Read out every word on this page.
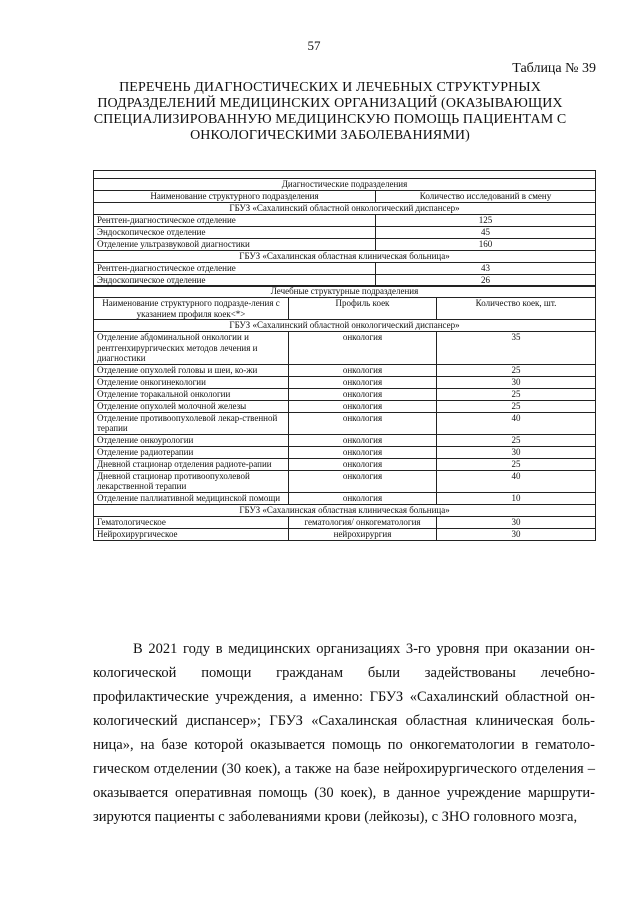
57
Таблица № 39
ПЕРЕЧЕНЬ ДИАГНОСТИЧЕСКИХ И ЛЕЧЕБНЫХ СТРУКТУРНЫХ ПОДРАЗДЕЛЕНИЙ МЕДИЦИНСКИХ ОРГАНИЗАЦИЙ (ОКАЗЫВАЮЩИХ СПЕЦИАЛИЗИРОВАННУЮ МЕДИЦИНСКУЮ ПОМОЩЬ ПАЦИЕНТАМ С ОНКОЛОГИЧЕСКИМИ ЗАБОЛЕВАНИЯМИ)

Диагностические подразделения	
Наименование структурного подразделения	Количество исследований в смену
ГБУЗ «Сахалинский областной онкологический диспансер»	
Рентген-диагностическое отделение	125
Эндоскопическое отделение	45
Отделение ультразвуковой диагностики	160
ГБУЗ «Сахалинская областная клиническая больница»	
Рентген-диагностическое отделение	43
Эндоскопическое отделение	26
Лечебные структурные подразделения		
Наименование структурного подразде-ления с указанием профиля коек<*>	Профиль коек	Количество коек, шт.
ГБУЗ «Сахалинский областной онкологический диспансер»		
Отделение абдоминальной онкологии и рентгенхирургических методов лечения и диагностики	онкология	35
Отделение опухолей головы и шеи, ко-жи	онкология	25
Отделение онкогинекологии	онкология	30
Отделение торакальной онкологии	онкология	25
Отделение опухолей молочной железы	онкология	25
Отделение противоопухолевой лекар-ственной терапии	онкология	40
Отделение онкоурологии	онкология	25
Отделение радиотерапии	онкология	30
Дневной стационар отделения радиоте-рапии	онкология	25
Дневной стационар противоопухолевой лекарственной терапии	онкология	40
Отделение паллиативной медицинской помощи	онкология	10
ГБУЗ «Сахалинская областная клиническая больница»		
Гематологическое	гематология/ онкогематология	30
Нейрохирургическое	нейрохирургия	30

В 2021 году в медицинских организациях 3-го уровня при оказании он-кологической помощи гражданам были задействованы лечебно-профилактические учреждения, а именно: ГБУЗ «Сахалинский областной он-кологический диспансер»; ГБУЗ «Сахалинская областная клиническая боль-ница», на базе которой оказывается помощь по онкогематологии в гематоло-гическом отделении (30 коек), а также на базе нейрохирургического отделения – оказывается оперативная помощь (30 коек), в данное учреждение маршрути-зируются пациенты с заболеваниями крови (лейкозы), с ЗНО головного мозга,
